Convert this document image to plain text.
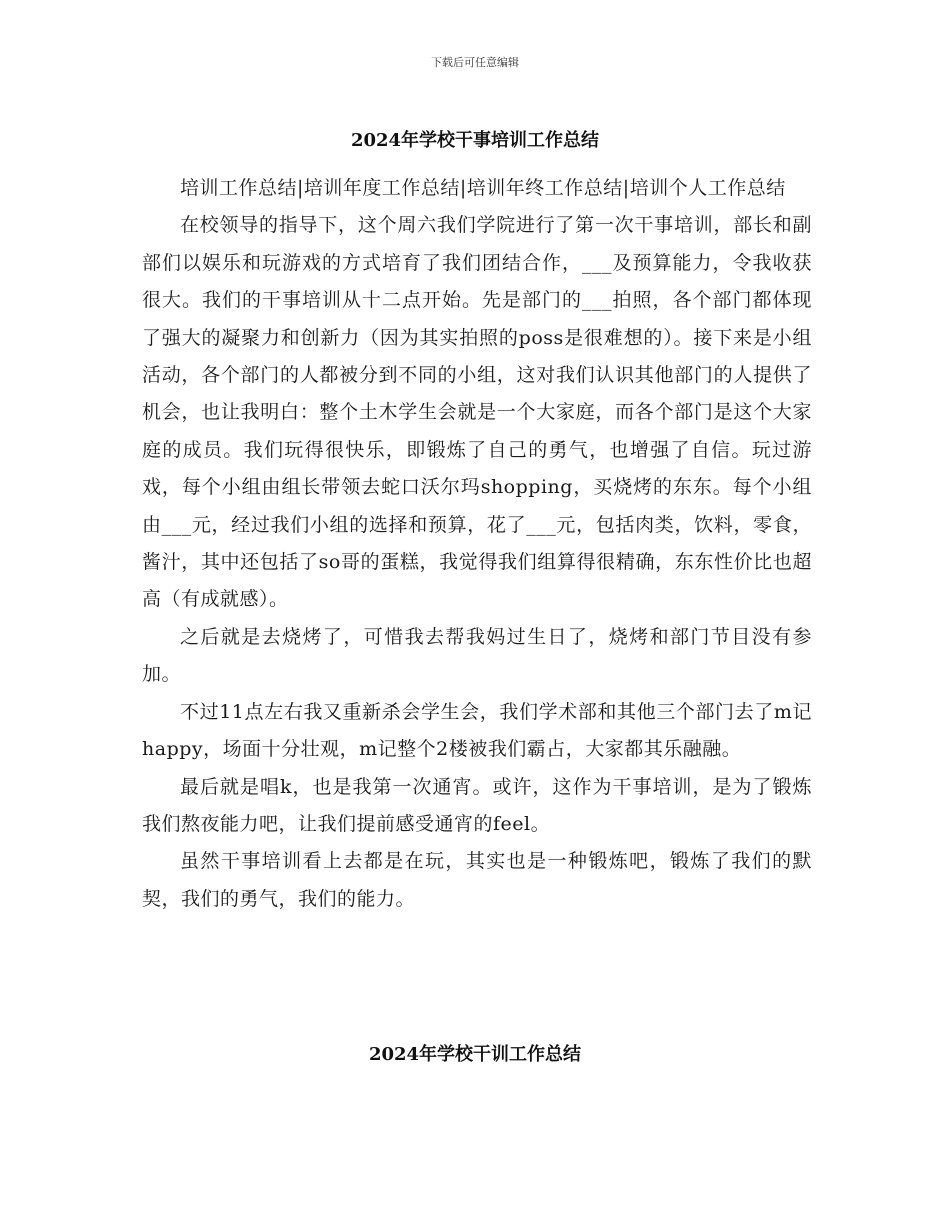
下载后可任意编辑
2024年学校干事培训工作总结

培训工作总结|培训年度工作总结|培训年终工作总结|培训个人工作总结

在校领导的指导下，这个周六我们学院进行了第一次干事培训，部长和副部们以娱乐和玩游戏的方式培育了我们团结合作，___及预算能力，令我收获很大。我们的干事培训从十二点开始。先是部门的___拍照，各个部门都体现了强大的凝聚力和创新力（因为其实拍照的poss是很难想的）。接下来是小组活动，各个部门的人都被分到不同的小组，这对我们认识其他部门的人提供了机会，也让我明白：整个土木学生会就是一个大家庭，而各个部门是这个大家庭的成员。我们玩得很快乐，即锻炼了自己的勇气，也增强了自信。玩过游戏，每个小组由组长带领去蛇口沃尔玛shopping，买烧烤的东东。每个小组由___元，经过我们小组的选择和预算，花了___元，包括肉类，饮料，零食，酱汁，其中还包括了so哥的蛋糕，我觉得我们组算得很精确，东东性价比也超高（有成就感）。

之后就是去烧烤了，可惜我去帮我妈过生日了，烧烤和部门节目没有参加。

不过11点左右我又重新杀会学生会，我们学术部和其他三个部门去了m记happy，场面十分壮观，m记整个2楼被我们霸占，大家都其乐融融。

最后就是唱k，也是我第一次通宵。或许，这作为干事培训，是为了锻炼我们熬夜能力吧，让我们提前感受通宵的feel。

虽然干事培训看上去都是在玩，其实也是一种锻炼吧，锻炼了我们的默契，我们的勇气，我们的能力。

2024年学校干训工作总结
